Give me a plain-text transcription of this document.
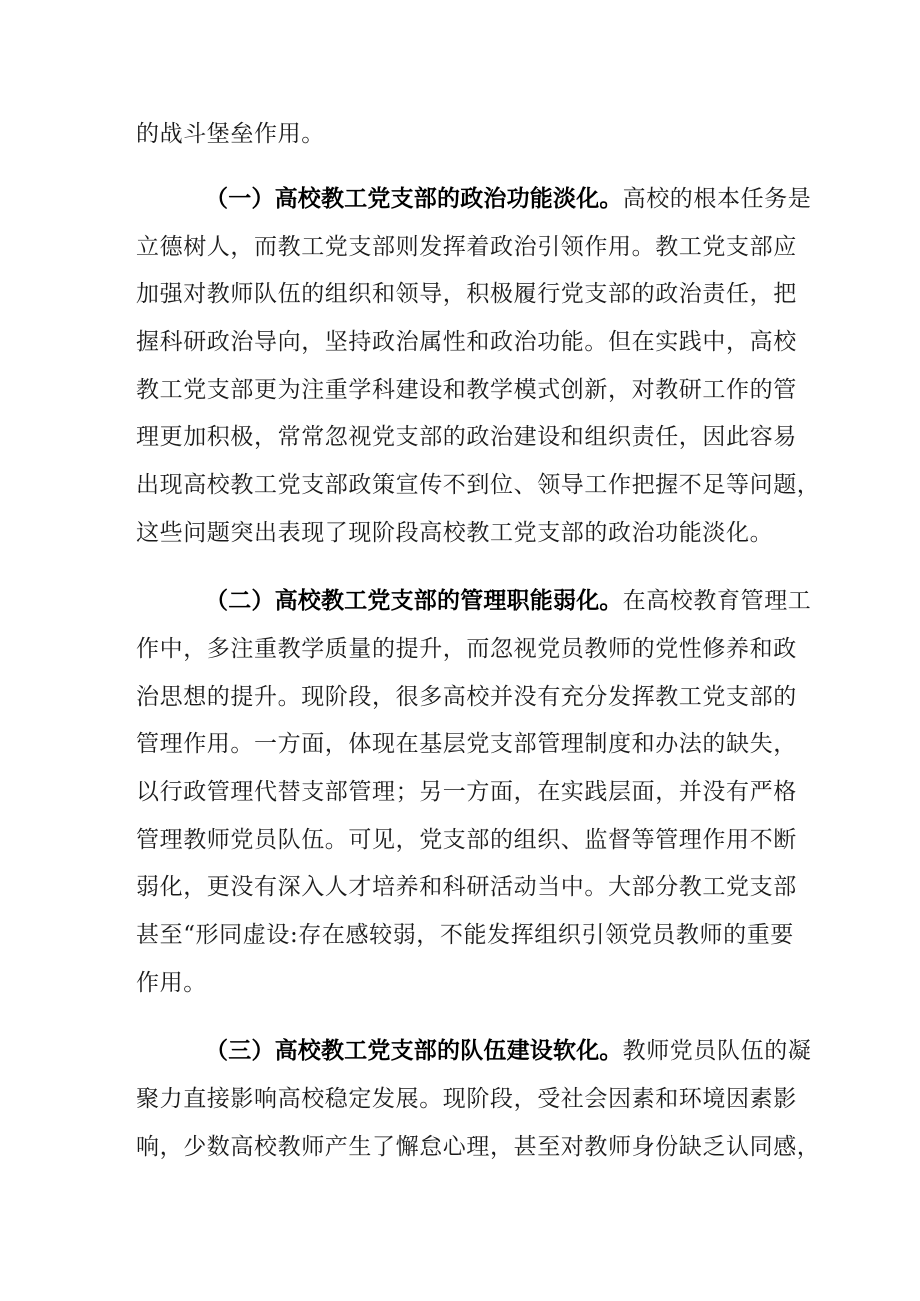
的战斗堡垒作用。
（一）高校教工党支部的政治功能淡化。高校的根本任务是
立德树人，而教工党支部则发挥着政治引领作用。教工党支部应
加强对教师队伍的组织和领导，积极履行党支部的政治责任，把
握科研政治导向，坚持政治属性和政治功能。但在实践中，高校
教工党支部更为注重学科建设和教学模式创新，对教研工作的管
理更加积极，常常忽视党支部的政治建设和组织责任，因此容易
出现高校教工党支部政策宣传不到位、领导工作把握不足等问题，
这些问题突出表现了现阶段高校教工党支部的政治功能淡化。
（二）高校教工党支部的管理职能弱化。在高校教育管理工
作中，多注重教学质量的提升，而忽视党员教师的党性修养和政
治思想的提升。现阶段，很多高校并没有充分发挥教工党支部的
管理作用。一方面，体现在基层党支部管理制度和办法的缺失，
以行政管理代替支部管理；另一方面，在实践层面，并没有严格
管理教师党员队伍。可见，党支部的组织、监督等管理作用不断
弱化，更没有深入人才培养和科研活动当中。大部分教工党支部
甚至“形同虚设:存在感较弱，不能发挥组织引领党员教师的重要
作用。
（三）高校教工党支部的队伍建设软化。教师党员队伍的凝
聚力直接影响高校稳定发展。现阶段，受社会因素和环境因素影
响，少数高校教师产生了懈怠心理，甚至对教师身份缺乏认同感，
